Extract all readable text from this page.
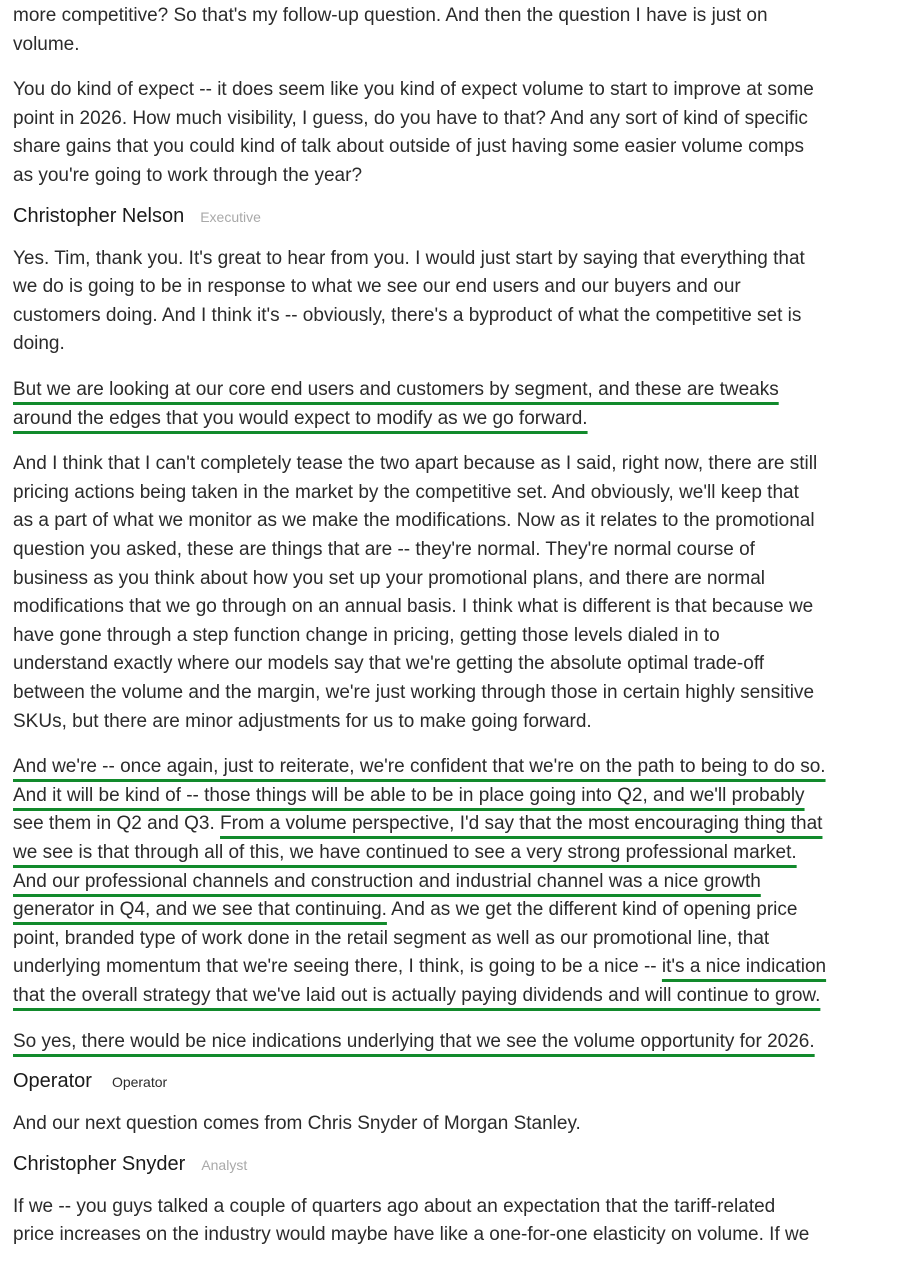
more competitive? So that's my follow-up question. And then the question I have is just on
volume.
You do kind of expect -- it does seem like you kind of expect volume to start to improve at some
point in 2026. How much visibility, I guess, do you have to that? And any sort of kind of specific
share gains that you could kind of talk about outside of just having some easier volume comps
as you're going to work through the year?
Christopher Nelson Executive
Yes. Tim, thank you. It's great to hear from you. I would just start by saying that everything that
we do is going to be in response to what we see our end users and our buyers and our
customers doing. And I think it's -- obviously, there's a byproduct of what the competitive set is
doing.
But we are looking at our core end users and customers by segment, and these are tweaks
around the edges that you would expect to modify as we go forward.
And I think that I can't completely tease the two apart because as I said, right now, there are still
pricing actions being taken in the market by the competitive set. And obviously, we'll keep that
as a part of what we monitor as we make the modifications. Now as it relates to the promotional
question you asked, these are things that are -- they're normal. They're normal course of
business as you think about how you set up your promotional plans, and there are normal
modifications that we go through on an annual basis. I think what is different is that because we
have gone through a step function change in pricing, getting those levels dialed in to
understand exactly where our models say that we're getting the absolute optimal trade-off
between the volume and the margin, we're just working through those in certain highly sensitive
SKUs, but there are minor adjustments for us to make going forward.
And we're -- once again, just to reiterate, we're confident that we're on the path to being to do so.
And it will be kind of -- those things will be able to be in place going into Q2, and we'll probably
see them in Q2 and Q3. From a volume perspective, I'd say that the most encouraging thing that
we see is that through all of this, we have continued to see a very strong professional market.
And our professional channels and construction and industrial channel was a nice growth
generator in Q4, and we see that continuing. And as we get the different kind of opening price
point, branded type of work done in the retail segment as well as our promotional line, that
underlying momentum that we're seeing there, I think, is going to be a nice -- it's a nice indication
that the overall strategy that we've laid out is actually paying dividends and will continue to grow.
So yes, there would be nice indications underlying that we see the volume opportunity for 2026.
Operator Operator
And our next question comes from Chris Snyder of Morgan Stanley.
Christopher Snyder Analyst
If we -- you guys talked a couple of quarters ago about an expectation that the tariff-related
price increases on the industry would maybe have like a one-for-one elasticity on volume. If we
